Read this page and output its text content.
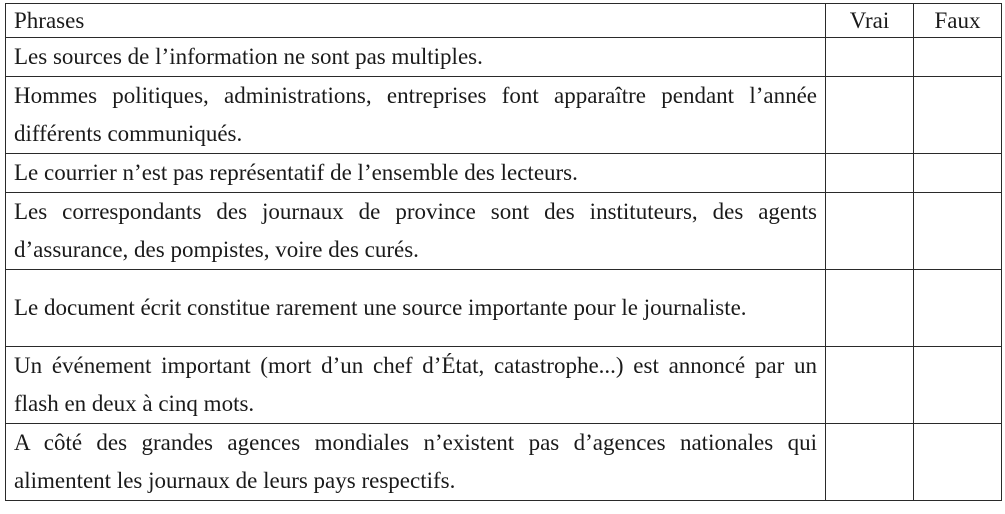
Phrases	Vrai	Faux
Les sources de l’information ne sont pas multiples.		
Hommes politiques, administrations, entreprises font apparaître pendant l’année différents communiqués.		
Le courrier n’est pas représentatif de l’ensemble des lecteurs.		
Les correspondants des journaux de province sont des instituteurs, des agents d’assurance, des pompistes, voire des curés.		
Le document écrit constitue rarement une source importante pour le journaliste.		
Un événement important (mort d’un chef d’État, catastrophe...) est annoncé par un flash en deux à cinq mots.		
A côté des grandes agences mondiales n’existent pas d’agences nationales qui alimentent les journaux de leurs pays respectifs.		
